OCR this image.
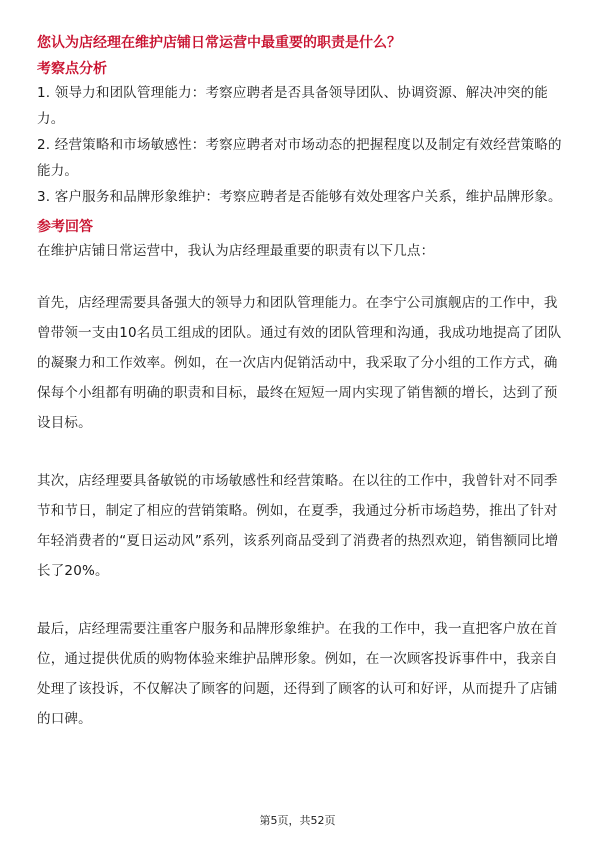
您认为店经理在维护店铺日常运营中最重要的职责是什么？

考察点分析

1. 领导力和团队管理能力：考察应聘者是否具备领导团队、协调资源、解决冲突的能力。

2. 经营策略和市场敏感性：考察应聘者对市场动态的把握程度以及制定有效经营策略的能力。

3. 客户服务和品牌形象维护：考察应聘者是否能够有效处理客户关系，维护品牌形象。

参考回答

在维护店铺日常运营中，我认为店经理最重要的职责有以下几点：

首先，店经理需要具备强大的领导力和团队管理能力。在李宁公司旗舰店的工作中，我曾带领一支由10名员工组成的团队。通过有效的团队管理和沟通，我成功地提高了团队的凝聚力和工作效率。例如，在一次店内促销活动中，我采取了分小组的工作方式，确保每个小组都有明确的职责和目标，最终在短短一周内实现了销售额的增长，达到了预设目标。

其次，店经理要具备敏锐的市场敏感性和经营策略。在以往的工作中，我曾针对不同季节和节日，制定了相应的营销策略。例如，在夏季，我通过分析市场趋势，推出了针对年轻消费者的“夏日运动风”系列，该系列商品受到了消费者的热烈欢迎，销售额同比增长了20%。

最后，店经理需要注重客户服务和品牌形象维护。在我的工作中，我一直把客户放在首位，通过提供优质的购物体验来维护品牌形象。例如，在一次顾客投诉事件中，我亲自处理了该投诉，不仅解决了顾客的问题，还得到了顾客的认可和好评，从而提升了店铺的口碑。

第5页，共52页
